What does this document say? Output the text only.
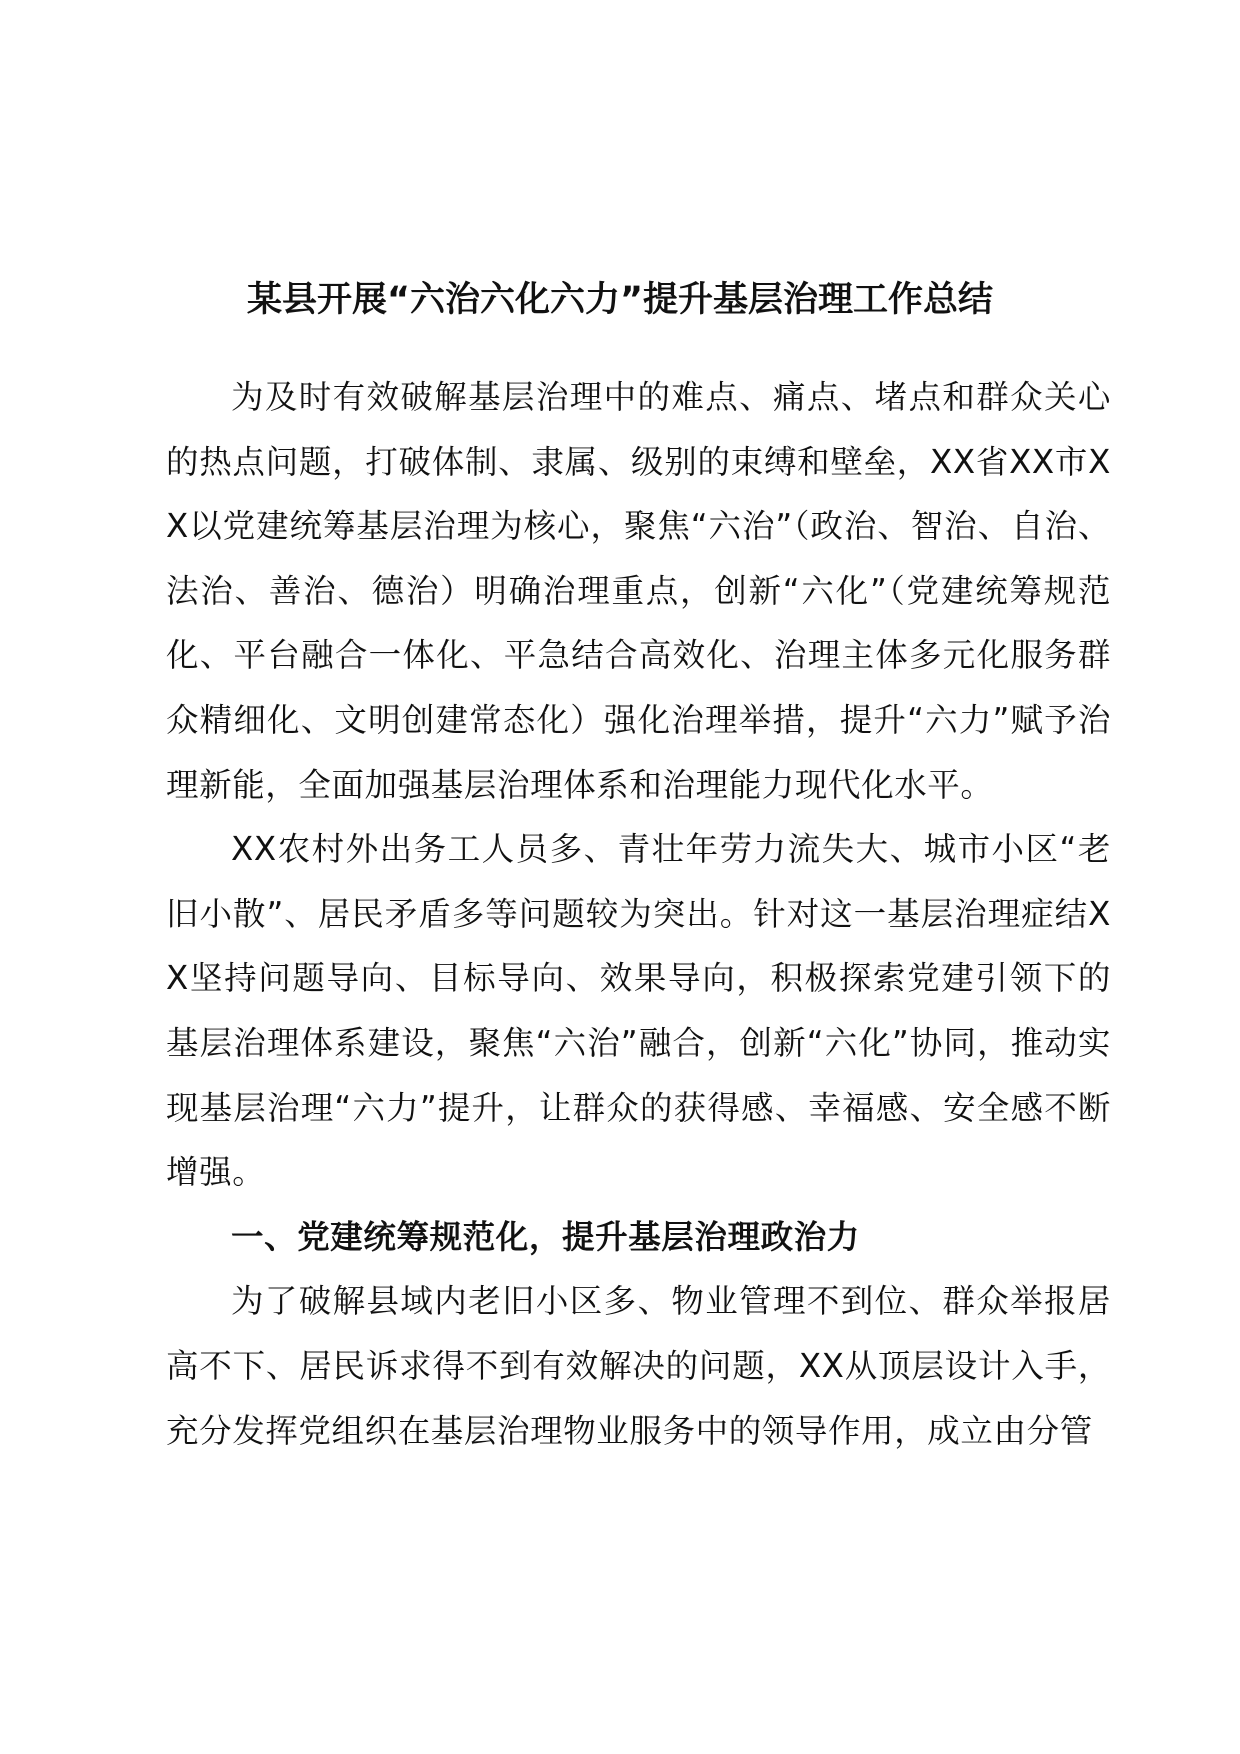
某县开展“六治六化六力”提升基层治理工作总结

为及时有效破解基层治理中的难点、痛点、堵点和群众关心的热点问题，打破体制、隶属、级别的束缚和壁垒，XX省XX市XX以党建统筹基层治理为核心，聚焦“六治”（政治、智治、自治、法治、善治、德治）明确治理重点，创新“六化”（党建统筹规范化、平台融合一体化、平急结合高效化、治理主体多元化服务群众精细化、文明创建常态化）强化治理举措，提升“六力”赋予治理新能，全面加强基层治理体系和治理能力现代化水平。

XX农村外出务工人员多、青壮年劳力流失大、城市小区“老旧小散”、居民矛盾多等问题较为突出。针对这一基层治理症结XX坚持问题导向、目标导向、效果导向，积极探索党建引领下的基层治理体系建设，聚焦“六治”融合，创新“六化”协同，推动实现基层治理“六力”提升，让群众的获得感、幸福感、安全感不断增强。

一、党建统筹规范化，提升基层治理政治力

为了破解县域内老旧小区多、物业管理不到位、群众举报居高不下、居民诉求得不到有效解决的问题，XX从顶层设计入手，充分发挥党组织在基层治理物业服务中的领导作用，成立由分管
